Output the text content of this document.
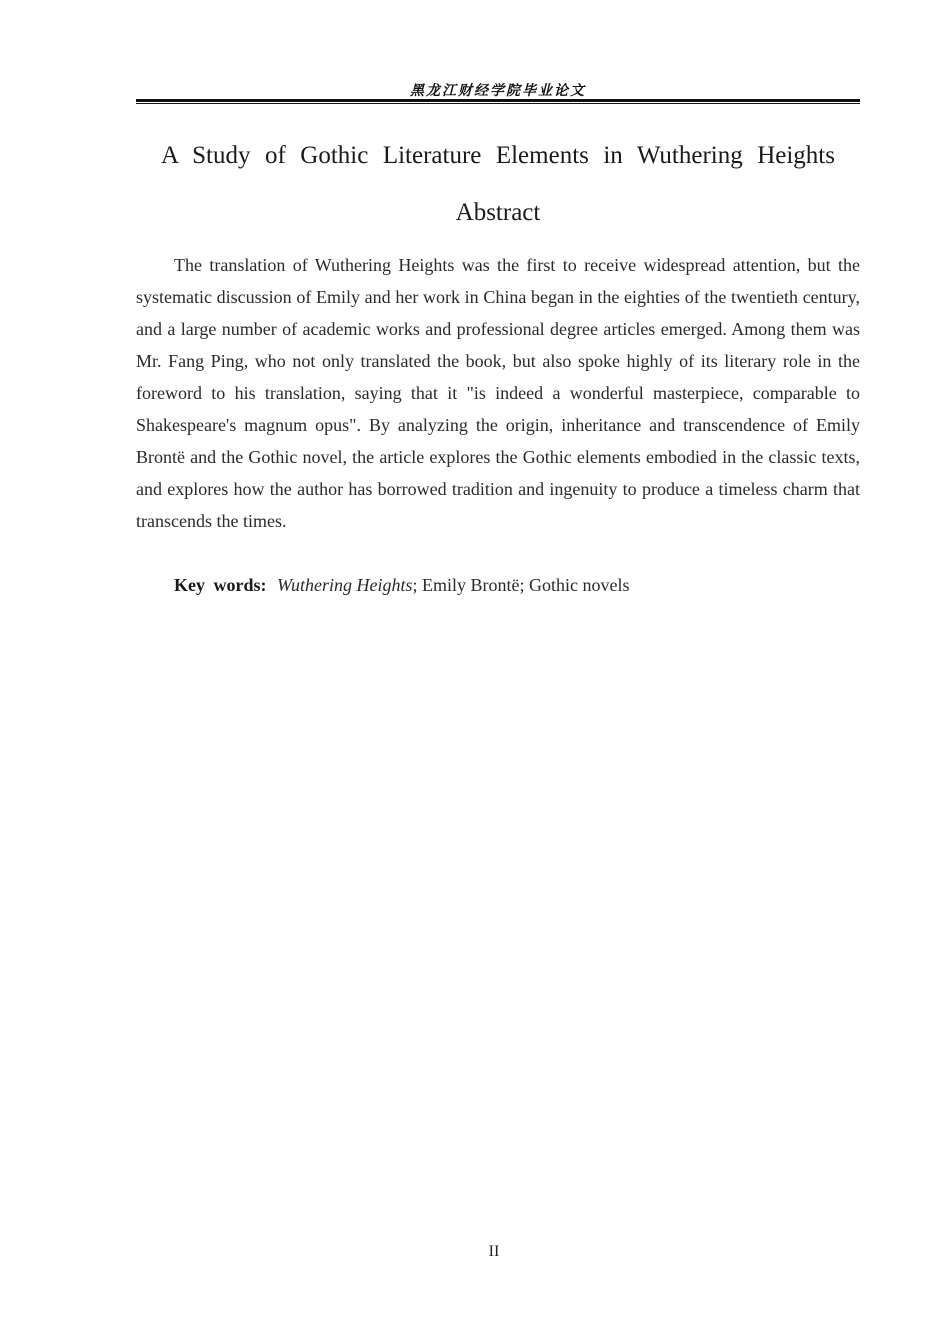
黑龙江财经学院毕业论文
A Study of Gothic Literature Elements in Wuthering Heights
Abstract

The translation of Wuthering Heights was the first to receive widespread attention, but the systematic discussion of Emily and her work in China began in the eighties of the twentieth century, and a large number of academic works and professional degree articles emerged. Among them was Mr. Fang Ping, who not only translated the book, but also spoke highly of its literary role in the foreword to his translation, saying that it "is indeed a wonderful masterpiece, comparable to Shakespeare's magnum opus". By analyzing the origin, inheritance and transcendence of Emily Brontë and the Gothic novel, the article explores the Gothic elements embodied in the classic texts, and explores how the author has borrowed tradition and ingenuity to produce a timeless charm that transcends the times.

Key words: Wuthering Heights; Emily Brontë; Gothic novels
II
